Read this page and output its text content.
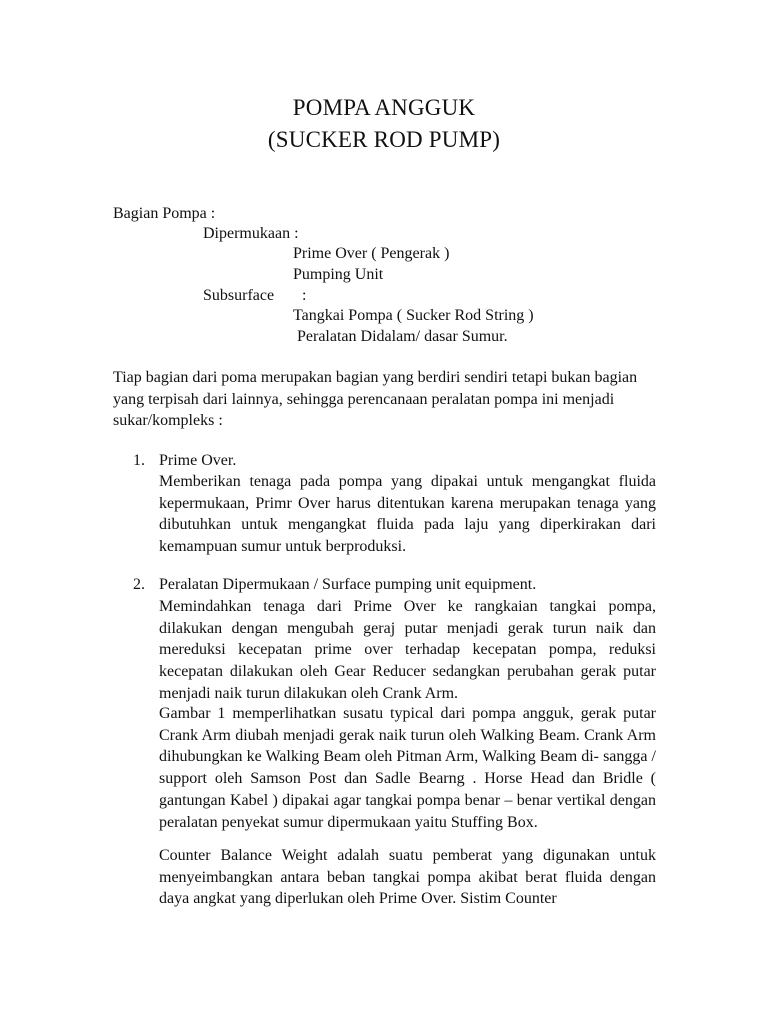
POMPA ANGGUK
(SUCKER ROD PUMP)
Bagian Pompa :
Dipermukaan :
Prime Over ( Pengerak )
Pumping Unit
Subsurface :
Tangkai Pompa ( Sucker Rod String )
Peralatan Didalam/ dasar Sumur.
Tiap bagian dari poma merupakan bagian yang berdiri sendiri tetapi bukan bagian yang terpisah dari lainnya, sehingga perencanaan peralatan pompa ini menjadi sukar/kompleks :
1. Prime Over.
Memberikan tenaga pada pompa yang dipakai untuk mengangkat fluida kepermukaan, Primr Over harus ditentukan karena merupakan tenaga yang dibutuhkan untuk mengangkat fluida pada laju yang diperkirakan dari kemampuan sumur untuk berproduksi.
2. Peralatan Dipermukaan / Surface pumping unit equipment.
Memindahkan tenaga dari Prime Over ke rangkaian tangkai pompa, dilakukan dengan mengubah geraj putar menjadi gerak turun naik dan mereduksi kecepatan prime over terhadap kecepatan pompa, reduksi kecepatan dilakukan oleh Gear Reducer sedangkan perubahan gerak putar menjadi naik turun dilakukan oleh Crank Arm.
Gambar 1 memperlihatkan susatu typical dari pompa angguk, gerak putar Crank Arm diubah menjadi gerak naik turun oleh Walking Beam. Crank Arm dihubungkan ke Walking Beam oleh Pitman Arm, Walking Beam di- sangga / support oleh Samson Post dan Sadle Bearng . Horse Head dan Bridle ( gantungan Kabel ) dipakai agar tangkai pompa benar – benar vertikal dengan peralatan penyekat sumur dipermukaan yaitu Stuffing Box.
Counter Balance Weight adalah suatu pemberat yang digunakan untuk menyeimbangkan antara beban tangkai pompa akibat berat fluida dengan daya angkat yang diperlukan oleh Prime Over. Sistim Counter
